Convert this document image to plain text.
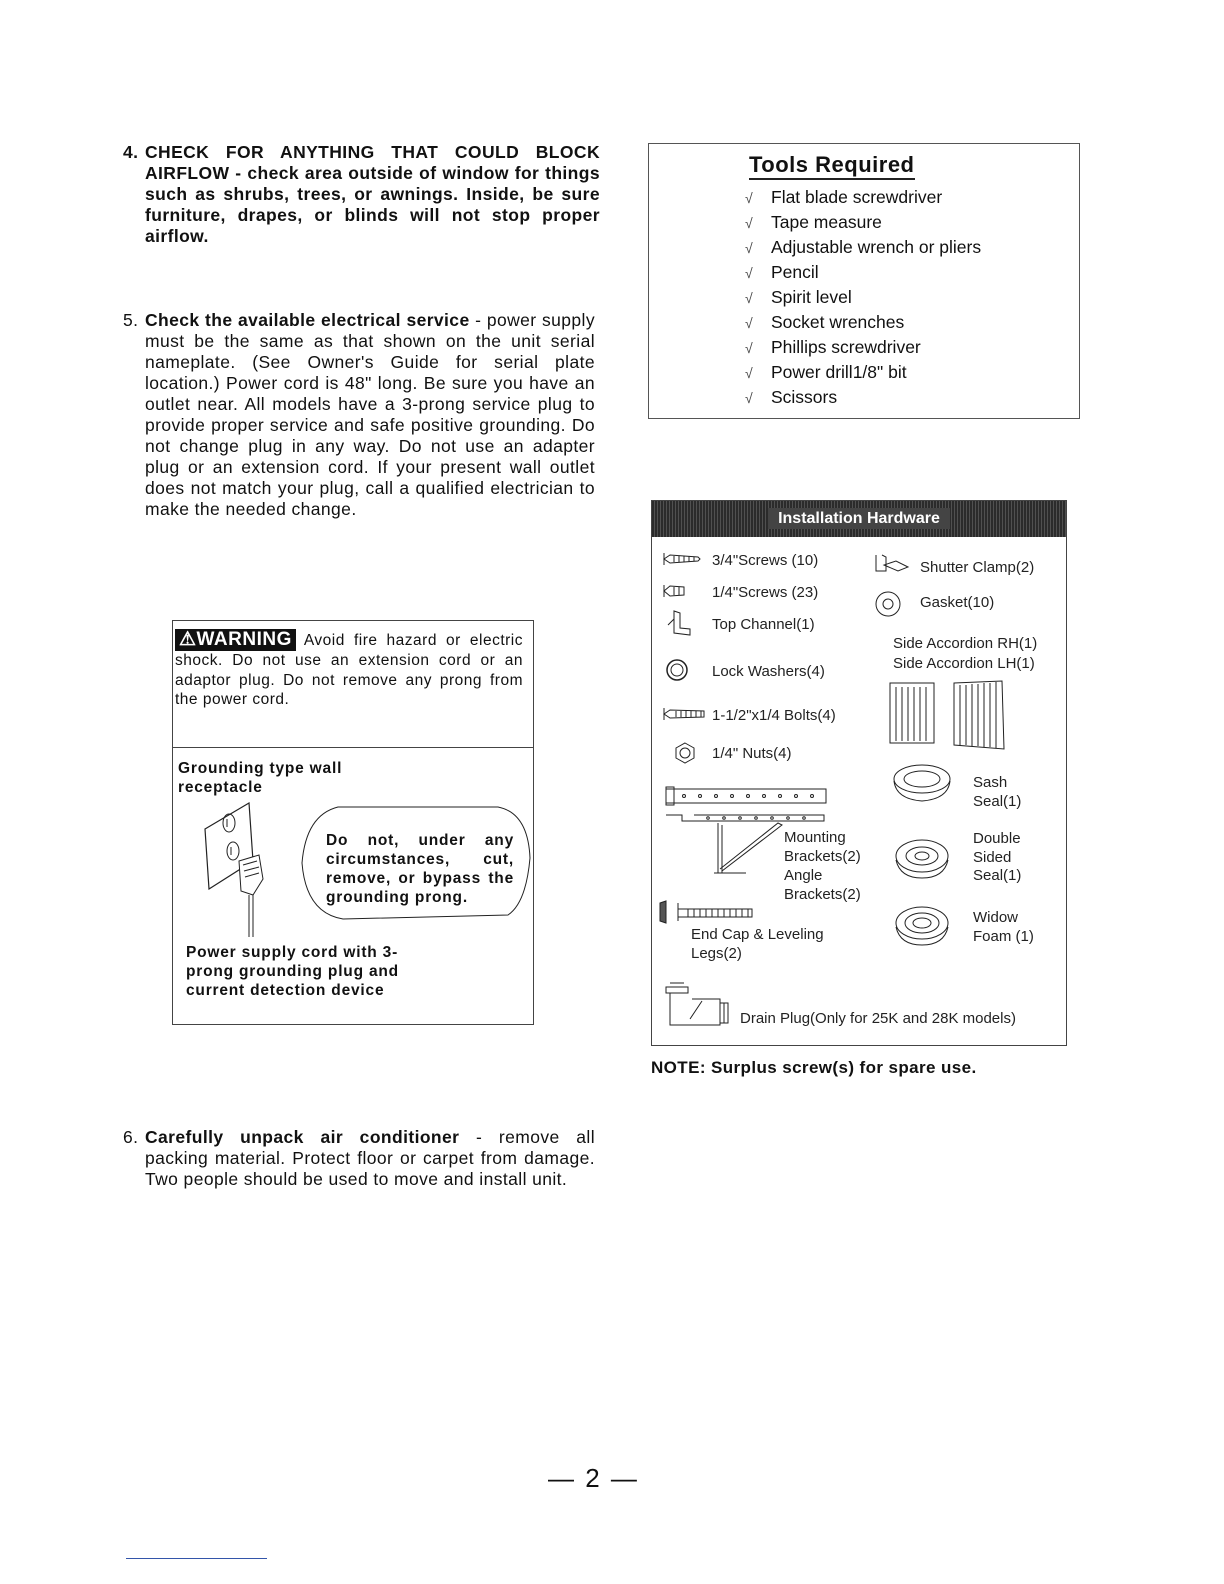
4. CHECK FOR ANYTHING THAT COULD BLOCK AIRFLOW - check area outside of window for things such as shrubs, trees, or awnings. Inside, be sure furniture, drapes, or blinds will not stop proper airflow.
5. Check the available electrical service - power supply must be the same as that shown on the unit serial nameplate. (See Owner's Guide for serial plate location.) Power cord is 48" long. Be sure you have an outlet near. All models have a 3-prong service plug to provide proper service and safe positive grounding. Do not change plug in any way. Do not use an adapter plug or an extension cord. If your present wall outlet does not match your plug, call a qualified electrician to make the needed change.
6. Carefully unpack air conditioner - remove all packing material. Protect floor or carpet from damage. Two people should be used to move and install unit.
Tools Required
√ Flat blade screwdriver
√ Tape measure
√ Adjustable wrench or pliers
√ Pencil
√ Spirit level
√ Socket wrenches
√ Phillips screwdriver
√ Power drill1/8" bit
√ Scissors
⚠WARNING Avoid fire hazard or electric shock. Do not use an extension cord or an adaptor plug. Do not remove any prong from the power cord.
Grounding type wall receptacle
Do not, under any circumstances, cut, remove, or bypass the grounding prong.
Power supply cord with 3-prong grounding plug and current detection device
Installation Hardware
3/4"Screws (10)
1/4"Screws (23)
Top Channel(1)
Lock Washers(4)
1-1/2"x1/4 Bolts(4)
1/4" Nuts(4)
Mounting Brackets(2)
Angle Brackets(2)
End Cap & Leveling Legs(2)
Drain Plug(Only for 25K and 28K models)
Shutter Clamp(2)
Gasket(10)
Side Accordion RH(1)
Side Accordion LH(1)
Sash Seal(1)
Double Sided Seal(1)
Widow Foam (1)
NOTE: Surplus screw(s) for spare use.
— 2 —
